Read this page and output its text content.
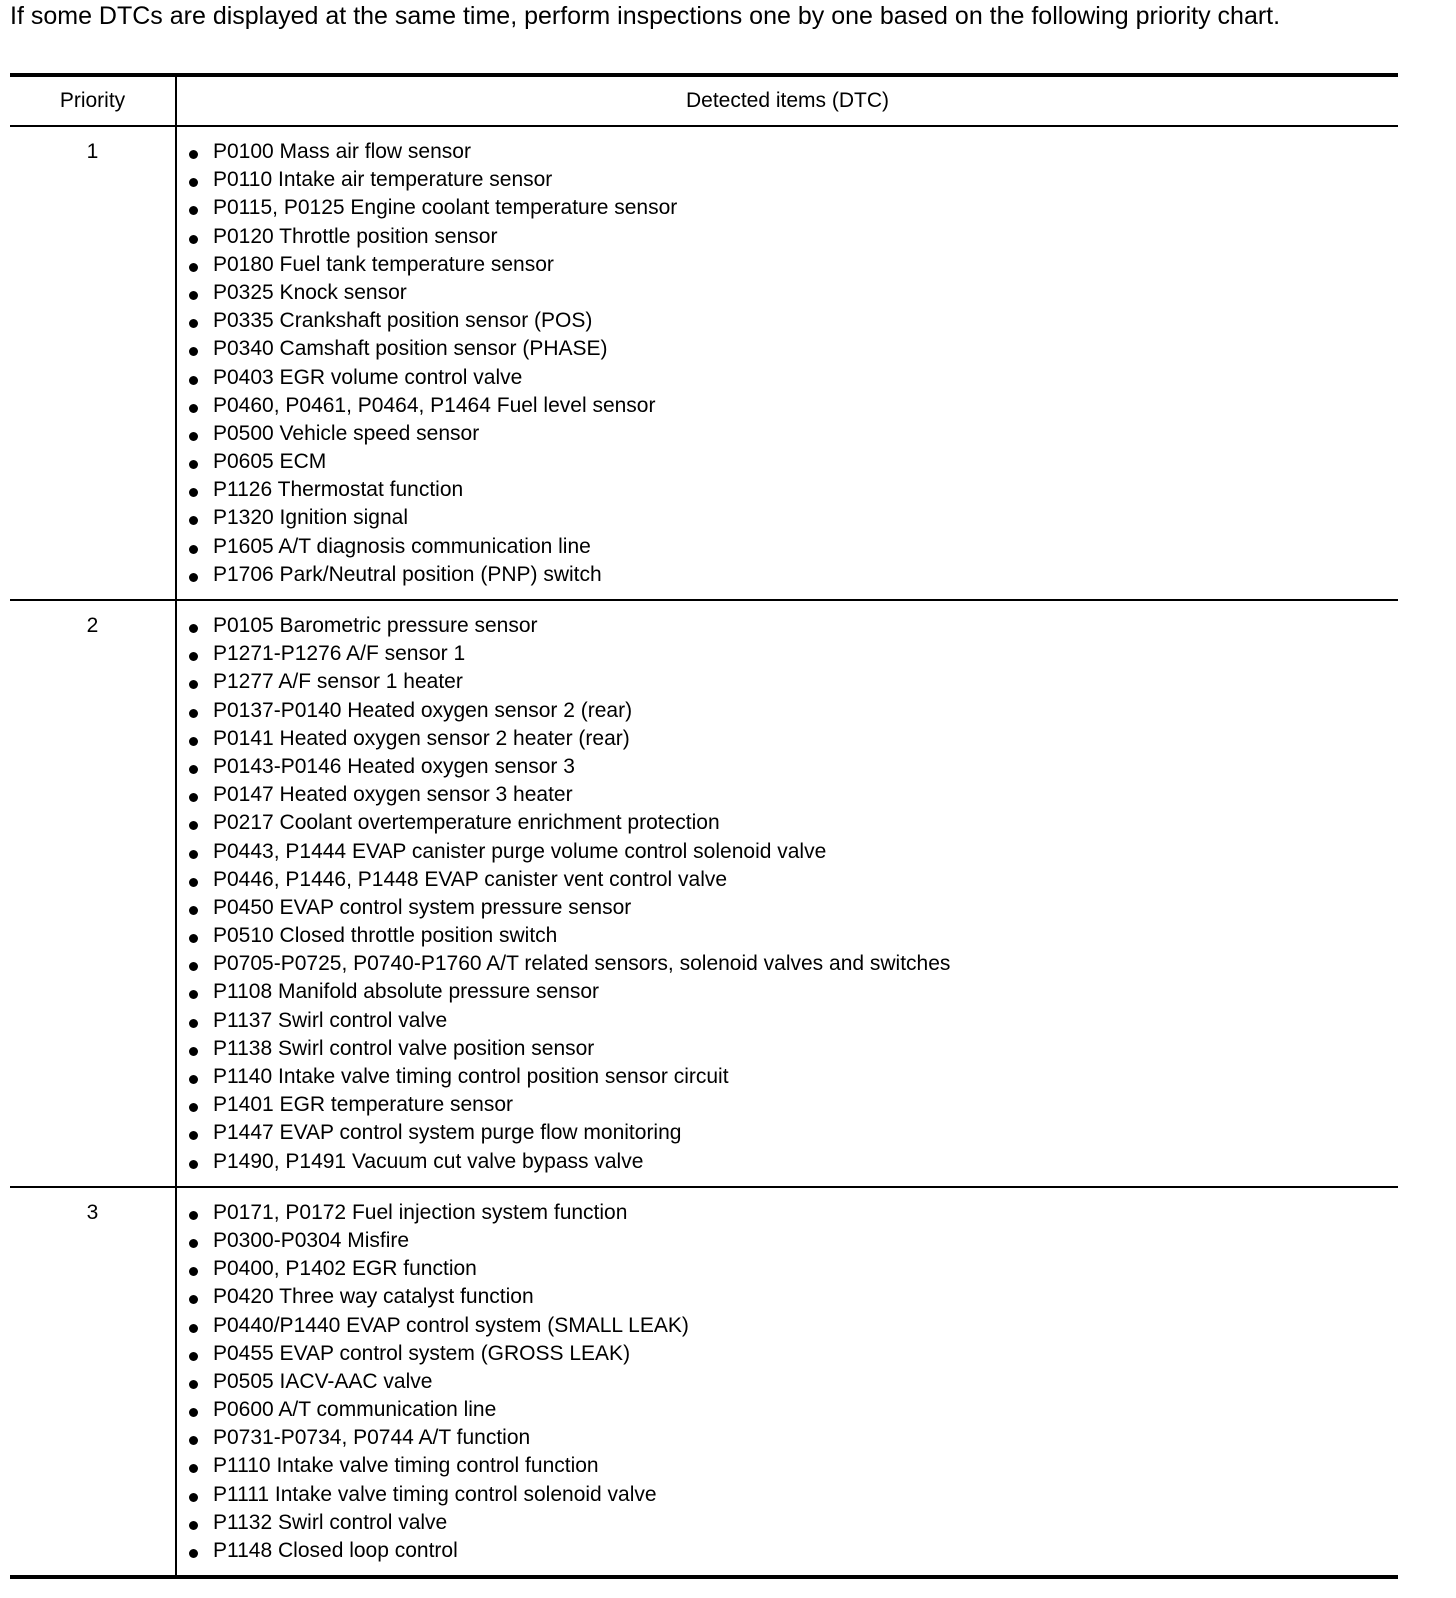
If some DTCs are displayed at the same time, perform inspections one by one based on the following priority chart.

Priority	Detected items (DTC)
1	P0100 Mass air flow sensor
P0110 Intake air temperature sensor
P0115, P0125 Engine coolant temperature sensor
P0120 Throttle position sensor
P0180 Fuel tank temperature sensor
P0325 Knock sensor
P0335 Crankshaft position sensor (POS)
P0340 Camshaft position sensor (PHASE)
P0403 EGR volume control valve
P0460, P0461, P0464, P1464 Fuel level sensor
P0500 Vehicle speed sensor
P0605 ECM
P1126 Thermostat function
P1320 Ignition signal
P1605 A/T diagnosis communication line
P1706 Park/Neutral position (PNP) switch
2	P0105 Barometric pressure sensor
P1271-P1276 A/F sensor 1
P1277 A/F sensor 1 heater
P0137-P0140 Heated oxygen sensor 2 (rear)
P0141 Heated oxygen sensor 2 heater (rear)
P0143-P0146 Heated oxygen sensor 3
P0147 Heated oxygen sensor 3 heater
P0217 Coolant overtemperature enrichment protection
P0443, P1444 EVAP canister purge volume control solenoid valve
P0446, P1446, P1448 EVAP canister vent control valve
P0450 EVAP control system pressure sensor
P0510 Closed throttle position switch
P0705-P0725, P0740-P1760 A/T related sensors, solenoid valves and switches
P1108 Manifold absolute pressure sensor
P1137 Swirl control valve
P1138 Swirl control valve position sensor
P1140 Intake valve timing control position sensor circuit
P1401 EGR temperature sensor
P1447 EVAP control system purge flow monitoring
P1490, P1491 Vacuum cut valve bypass valve
3	P0171, P0172 Fuel injection system function
P0300-P0304 Misfire
P0400, P1402 EGR function
P0420 Three way catalyst function
P0440/P1440 EVAP control system (SMALL LEAK)
P0455 EVAP control system (GROSS LEAK)
P0505 IACV-AAC valve
P0600 A/T communication line
P0731-P0734, P0744 A/T function
P1110 Intake valve timing control function
P1111 Intake valve timing control solenoid valve
P1132 Swirl control valve
P1148 Closed loop control
